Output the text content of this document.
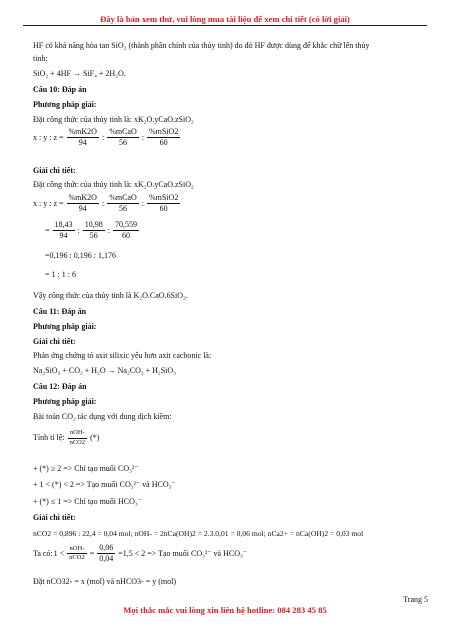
Đây là bản xem thử, vui lòng mua tài liệu để xem chi tiết (có lời giải)
HF có khả năng hòa tan SiO₂ (thành phần chính của thủy tinh) do đó HF được dùng để khắc chữ lên thủy
tinh:
SiO₂ + 4HF → SiF₄ + 2H₂O.
Câu 10: Đáp án
Phương pháp giải:
Đặt công thức của thủy tinh là: xK₂O.yCaO.zSiO₂
x : y : $z = \frac{\%mK2O}{94}$ : $\frac{\text{\%mCaO}}{56}$ : $\frac{\text{\%mSiO2}}{60}$
Giải chi tiết:
Đặt công thức của thủy tinh là: xK₂O.yCaO.zSiO₂
x : y : $z = \frac{\%mK2O}{94}$ : $\frac{\text{\%mCaO}}{56}$ : $\frac{\text{\%mSiO2}}{60}$
= $\frac{18,43}{94}$ : $\frac{10,98}{56}$ : $\frac{70,559}{60}$
=0,196 : 0,196 : 1,176
= 1 : 1 : 6
Vậy công thức của thủy tinh là K₂O.CaO.6SiO₂.
Câu 11: Đáp án
Phương pháp giải:
Giải chi tiết:
Phản ứng chứng tỏ axit silixic yếu hơn axit cacbonic là:
Na₂SiO₃ + CO₂ + H₂O → Na₂CO₃ + H₂SiO₃
Câu 12: Đáp án
Phương pháp giải:
Bài toán CO₂ tác dụng với dung dịch kiềm:
Tính tỉ lệ: $\frac{\text{nOH-}}{\text{nCO2}}$ (*)
+ (*) ≥ 2 => Chỉ tạo muối CO₃²⁻
+ 1 < (*) < 2 => Tạo muối CO₃²⁻ và HCO₃⁻
+ (*) ≤ 1 => Chỉ tạo muối HCO₃⁻
Giải chi tiết:
nCO2 = 0,896 : 22,4 = 0,04 mol; nOH- = 2nCa(OH)2 = 2.3.0,01 = 0,06 mol; nCa2+ = nCa(OH)2 = 0,03 mol
Ta có: $1 < \frac{\text{nOH-}}{\text{nCO2}} = \frac{0,06}{0,04} =1,5 < 2$ => Tạo muối CO₃²⁻ và HCO₃⁻
Đặt nCO32- = x (mol) và nHCO3- = y (mol)
Trang 5
Mọi thắc mắc vui lòng xin liên hệ hotline: 084 283 45 85
